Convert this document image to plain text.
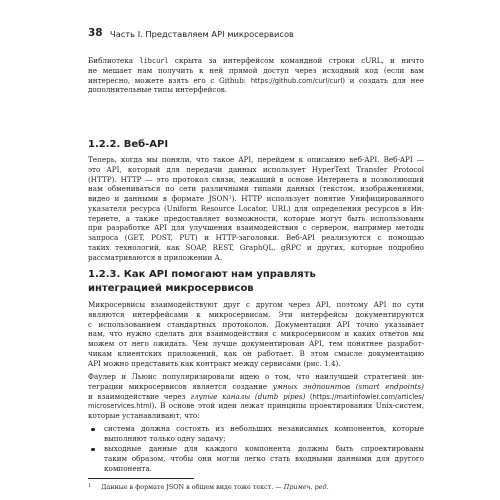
38 Часть I. Представляем API микросервисов
Библиотека libcurl скрыта за интерфейсом командной строки cURL, и ничто
не мешает нам получить к ней прямой доступ через исходный код (если вам
интересно, можете взять его с Github: https://github.com/curl/curl) и создать для нее
дополнительные типы интерфейсов.
1.2.2. Веб-API
Теперь, когда мы поняли, что такое API, перейдем к описанию веб-API. Веб-API —
это API, который для передачи данных использует HyperText Transfer Protocol
(HTTP). HTTP — это протокол связи, лежащий в основе Интернета и позволяющий
нам обмениваться по сети различными типами данных (текстом, изображениями,
видео и данными в формате JSON¹). HTTP использует понятие Унифицированного
указателя ресурса (Uniform Resource Locator, URL) для определения ресурсов в Ин-
тернете, а также предоставляет возможности, которые могут быть использованы
при разработке API для улучшения взаимодействия с сервером, например методы
запроса (GET, POST, PUT) и HTTP-заголовки. Веб-API реализуются с помощью
таких технологий, как SOAP, REST, GraphQL, gRPC и других, которые подробно
рассматриваются в приложении А.
1.2.3. Как API помогают нам управлять
интеграцией микросервисов
Микросервисы взаимодействуют друг с другом через API, поэтому API по сути
являются интерфейсами к микросервисам. Эти интерфейсы документируются
с использованием стандартных протоколов. Документация API точно указывает
нам, что нужно сделать для взаимодействия с микросервисом и каких ответов мы
можем от него ожидать. Чем лучше документирован API, тем понятнее разработ-
чикам клиентских приложений, как он работает. В этом смысле документацию
API можно представить как контракт между сервисами (рис. 1.4).
Фаулер и Льюис популяризировали идею о том, что наилучшей стратегией ин-
теграции микросервисов является создание умных эндпоинтов (smart endpoints)
и взаимодействие через глупые каналы (dumb pipes) (https://martinfowler.com/articles/
microservices.html). В основе этой идеи лежат принципы проектирования Unix-систем,
которые устанавливают, что:
система должна состоять из небольших независимых компонентов, которые
выполняют только одну задачу;
выходные данные для каждого компонента должны быть спроектированы
таким образом, чтобы они могли легко стать входными данными для другого
компонента.
$^1$ Данные в формате JSON в общем виде тоже текст. — Примеч. ред.
